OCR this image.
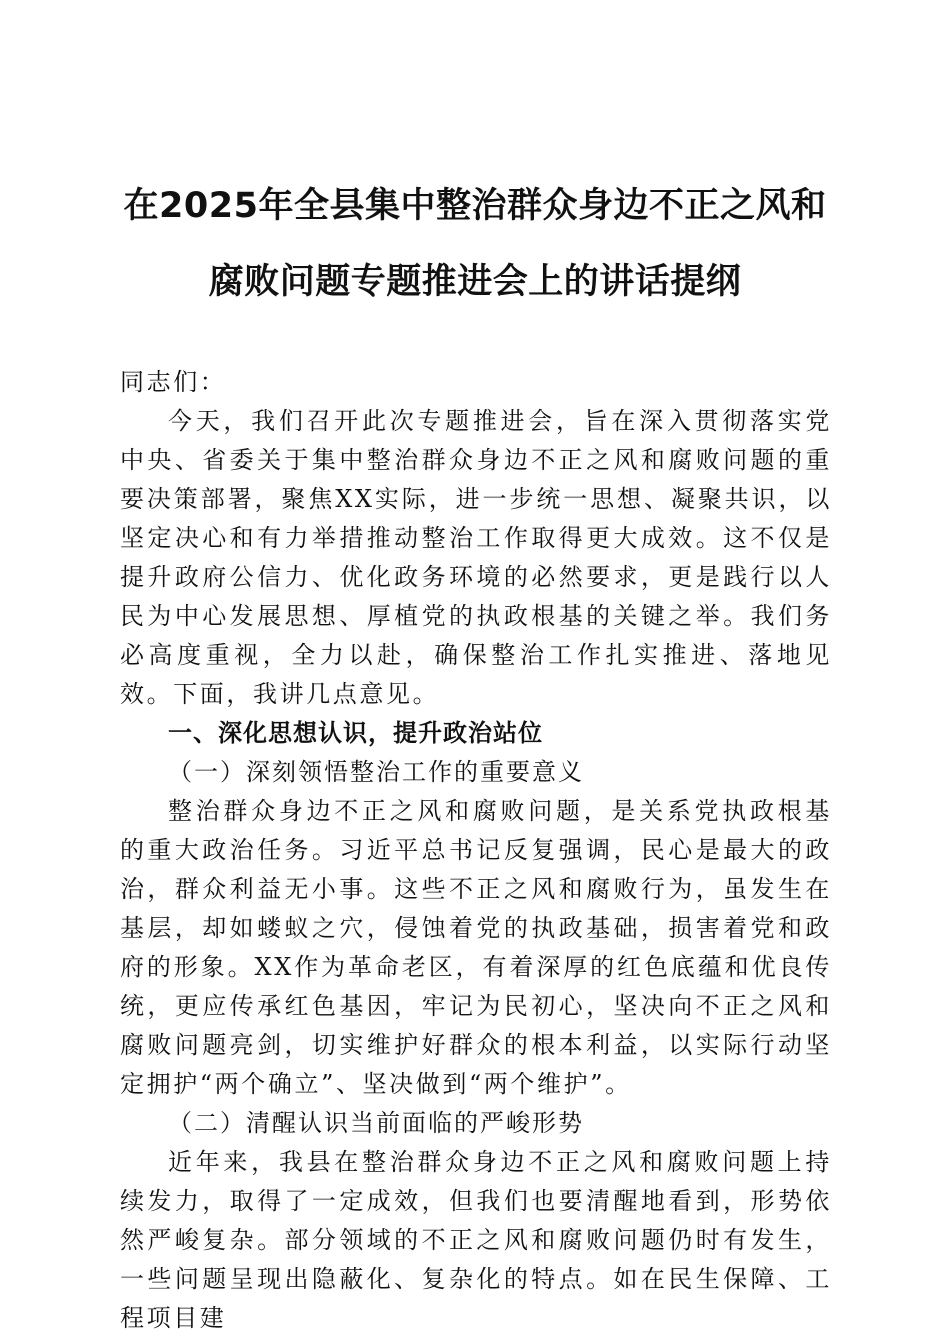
在2025年全县集中整治群众身边不正之风和
腐败问题专题推进会上的讲话提纲

同志们：

今天，我们召开此次专题推进会，旨在深入贯彻落实党中央、省委关于集中整治群众身边不正之风和腐败问题的重要决策部署，聚焦XX实际，进一步统一思想、凝聚共识，以坚定决心和有力举措推动整治工作取得更大成效。这不仅是提升政府公信力、优化政务环境的必然要求，更是践行以人民为中心发展思想、厚植党的执政根基的关键之举。我们务必高度重视，全力以赴，确保整治工作扎实推进、落地见效。下面，我讲几点意见。

一、深化思想认识，提升政治站位

（一）深刻领悟整治工作的重要意义

整治群众身边不正之风和腐败问题，是关系党执政根基的重大政治任务。习近平总书记反复强调，民心是最大的政治，群众利益无小事。这些不正之风和腐败行为，虽发生在基层，却如蝼蚁之穴，侵蚀着党的执政基础，损害着党和政府的形象。XX作为革命老区，有着深厚的红色底蕴和优良传统，更应传承红色基因，牢记为民初心，坚决向不正之风和腐败问题亮剑，切实维护好群众的根本利益，以实际行动坚定拥护“两个确立”、坚决做到“两个维护”。

（二）清醒认识当前面临的严峻形势

近年来，我县在整治群众身边不正之风和腐败问题上持续发力，取得了一定成效，但我们也要清醒地看到，形势依然严峻复杂。部分领域的不正之风和腐败问题仍时有发生，一些问题呈现出隐蔽化、复杂化的特点。如在民生保障、工程项目建
